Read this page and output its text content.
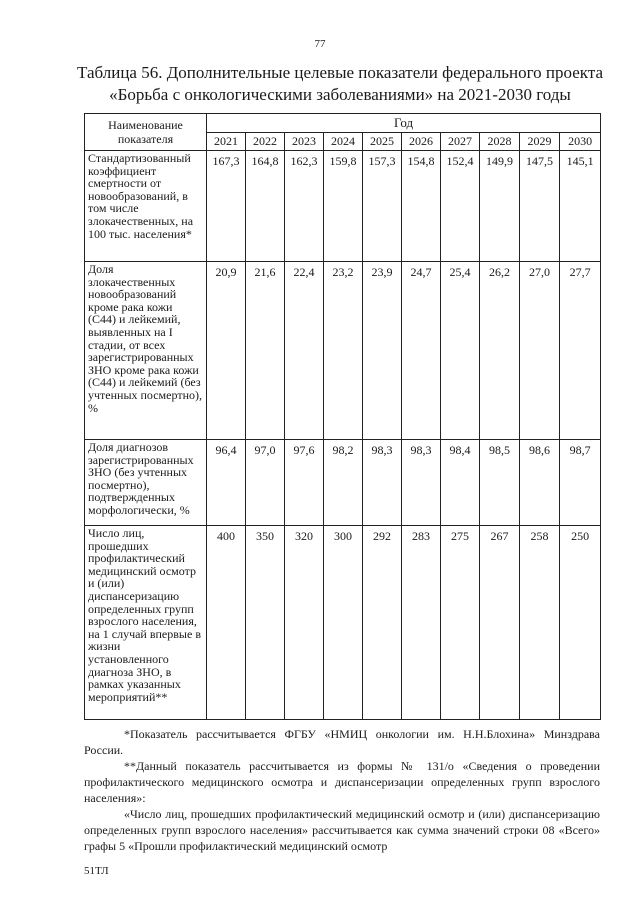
77
Таблица 56. Дополнительные целевые показатели федерального проекта
«Борьба с онкологическими заболеваниями» на 2021-2030 годы
Наименование показателя	Год									
	2021	2022	2023	2024	2025	2026	2027	2028	2029	2030
Стандартизованный коэффициент смертности от новообразований, в том числе злокачественных, на 100 тыс. населения*	167,3	164,8	162,3	159,8	157,3	154,8	152,4	149,9	147,5	145,1
Доля злокачественных новообразований кроме рака кожи (С44) и лейкемий, выявленных на I стадии, от всех зарегистрированных ЗНО кроме рака кожи (С44) и лейкемий (без учтенных посмертно), %	20,9	21,6	22,4	23,2	23,9	24,7	25,4	26,2	27,0	27,7
Доля диагнозов зарегистрированных ЗНО (без учтенных посмертно), подтвержденных морфологически, %	96,4	97,0	97,6	98,2	98,3	98,3	98,4	98,5	98,6	98,7
Число лиц, прошедших профилактический медицинский осмотр и (или) диспансеризацию определенных групп взрослого населения, на 1 случай впервые в жизни установленного диагноза ЗНО, в рамках указанных мероприятий**	400	350	320	300	292	283	275	267	258	250

*Показатель рассчитывается ФГБУ «НМИЦ онкологии им. Н.Н.Блохина» Минздрава России.

**Данный показатель рассчитывается из формы № 131/о «Сведения о проведении профилактического медицинского осмотра и диспансеризации определенных групп взрослого населения»:

«Число лиц, прошедших профилактический медицинский осмотр и (или) диспансеризацию определенных групп взрослого населения» рассчитывается как сумма значений строки 08 «Всего» графы 5 «Прошли профилактический медицинский осмотр

51ТЛ
